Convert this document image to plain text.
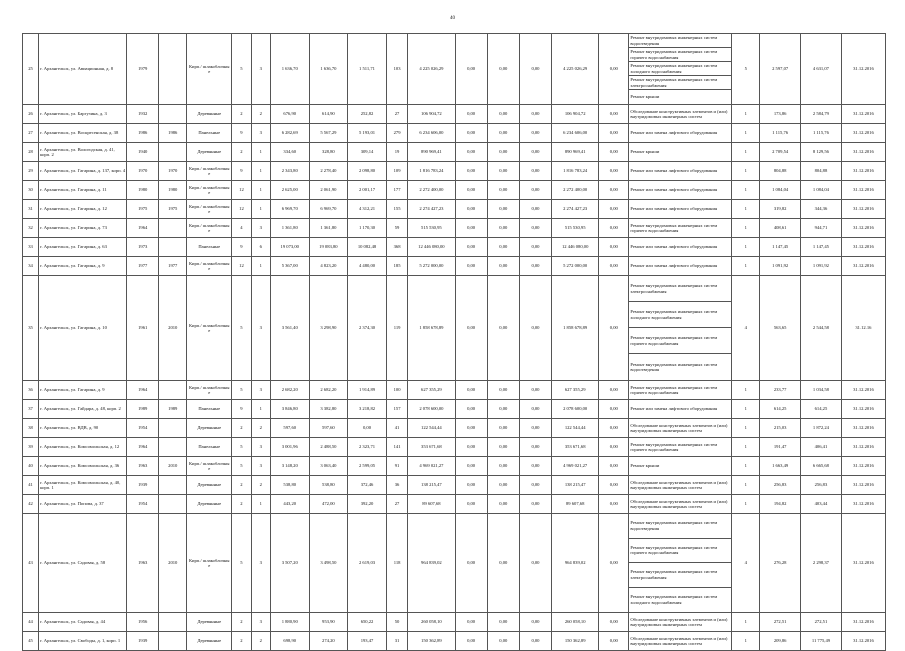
40
25	г. Архангельск, ул. Авиационная, д. 8	1979		Кирп./ шлакоблочны е	5	3	1 636,70	1 636,70	1 511,71	103	4 225 026,29	0,00	0,00	0,00	4 225 026,29	0,00	Ремонт внутридомовых инженерных систем водоотведения
Ремонт внутридомовых инженерных систем горячего водоснабжения
Ремонт внутридомовых инженерных систем холодного водоснабжения
Ремонт внутридомовых инженерных систем электроснабжения
Ремонт крыши	5	2 597,07	4 631,07	31.12.2016
26	г. Архангельск, ул. Баргузина, д. 3	1932		Деревянные	2	2	676,90	614,90	252,82	27	106 904,72	0,00	0,00	0,00	106 904,72	0,00	Обследование конструктивных элементов и (или) внутридомовых инженерных систем	1	173,86	2 584,79	31.12.2016
27	г. Архангельск, ул. Воскресенская, д. 38	1986	1986	Панельные	9	3	6 282,69	5 567,29	5 193,01	279	6 234 606,00	0,00	0,00	0,00	6 234 606,00	0,00	Ремонт или замена лифтового оборудования	1	1 115,76	1 115,76	31.12.2016
28	г. Архангельск, ул. Вологодская, д. 41, корп. 2	1940		Деревянные	2	1	334,60	328,80	309,14	19	890 969,41	0,00	0,00	0,00	890 969,41	0,00	Ремонт крыши	1	2 709,54	8 129,56	31.12.2016
29	г. Архангельск, ул. Гагарина, д. 137, корп. 4	1970	1970	Кирп./ шлакоблочны е	9	1	2 343,80	2 278,40	2 098,80	109	1 816 783,24	0,00	0,00	0,00	1 816 783,24	0,00	Ремонт или замена лифтового оборудования	1	804,88	804,88	31.12.2016
30	г. Архангельск, ул. Гагарина, д. 11	1980	1980	Кирп./ шлакоблочны е	12	1	2 625,00	2 061,90	2 001,17	177	2 272 400,00	0,00	0,00	0,00	2 272 400,00	0,00	Ремонт или замена лифтового оборудования	1	1 084,04	1 084,04	31.12.2016
31	г. Архангельск, ул. Гагарина, д. 12	1975	1975	Кирп./ шлакоблочны е	12	1	6 969,70	6 969,70	4 312,21	155	2 274 427,23	0,00	0,00	0,00	2 274 427,23	0,00	Ремонт или замена лифтового оборудования	1	319,82	344,36	31.12.2016
32	г. Архангельск, ул. Гагарина, д. 73	1964		Кирп./ шлакоблочны е	4	3	1 361,80	1 361,80	1 170,30	59	515 530,95	0,00	0,00	0,00	515 530,95	0,00	Ремонт внутридомовых инженерных систем горячего водоснабжения	1	408,61	944,71	31.12.2016
33	г. Архангельск, ул. Гагарина, д. 63	1973		Панельные	9	6	19 073,00	19 083,80	10 082,48	368	12 446 080,00	0,00	0,00	0,00	12 446 080,00	0,00	Ремонт или замена лифтового оборудования	1	1 147,45	1 147,45	31.12.2016
34	г. Архангельск, ул. Гагарина, д. 9	1977	1977	Кирп./ шлакоблочны е	12	1	5 367,00	4 823,20	4 480,00	185	5 272 000,00	0,00	0,00	0,00	5 272 000,00	0,00	Ремонт или замена лифтового оборудования	1	1 091,92	1 091,92	31.12.2016
35	г. Архангельск, ул. Гагарина, д. 10	1961	2010	Кирп./ шлакоблочны е	5	3	3 561,40	3 298,90	2 374,30	119	1 858 678,89	0,00	0,00	0,00	1 858 678,89	0,00	Ремонт внутридомовых инженерных систем электроснабжения
Ремонт внутридомовых инженерных систем холодного водоснабжения
Ремонт внутридомовых инженерных систем горячего водоснабжения
Ремонт внутридомовых инженерных систем водоотведения	4	563,65	2 544,58	31.12.16
36	г. Архангельск, ул. Гагарина, д. 9	1964		Кирп./ шлакоблочны е	5	3	2 682,20	2 682,20	1 914,89	100	627 355,29	0,00	0,00	0,00	627 355,29	0,00	Ремонт внутридомовых инженерных систем горячего водоснабжения	1	233,77	1 034,58	31.12.2016
37	г. Архангельск, ул. Гайдара, д. 48, корп. 2	1989	1989	Панельные	9	1	3 846,80	3 382,80	3 218,82	157	2 078 600,00	0,00	0,00	0,00	2 078 600,00	0,00	Ремонт или замена лифтового оборудования	1	614,25	614,25	31.12.2016
38	г. Архангельск, ул. ВДВ, д. 90	1954		Деревянные	2	2	597,60	597,60	0,00	41	122 544,44	0,00	0,00	0,00	122 544,44	0,00	Обследование конструктивных элементов и (или) внутридомовых инженерных систем	1	215,03	1 872,24	31.12.2016
39	г. Архангельск, ул. Комсомольская, д. 12	1964		Панельные	5	3	3 001,96	2 488,50	2 323,71	141	353 671,68	0,00	0,00	0,00	353 671,68	0,00	Ремонт внутридомовых инженерных систем горячего водоснабжения	1	191,47	406,41	31.12.2016
40	г. Архангельск, ул. Комсомольская, д. 36	1963	2010	Кирп./ шлакоблочны е	5	3	3 148,20	3 063,40	2 599,05	91	4 969 021,27	0,00	0,00	0,00	4 969 021,27	0,00	Ремонт крыши	1	1 663,49	6 665,68	31.12.2016
41	г. Архангельск, ул. Комсомольская, д. 40, корп. 1	1939		Деревянные	2	2	538,80	538,80	372,46	36	138 215,47	0,00	0,00	0,00	138 215,47	0,00	Обследование конструктивных элементов и (или) внутридомовых инженерных систем	1	256,83	256,83	31.12.2016
42	г. Архангельск, ул. Поповa, д. 37	1954		Деревянные	2	1	443,20	472,00	392,20	27	89 607,68	0,00	0,00	0,00	89 607,68	0,00	Обследование конструктивных элементов и (или) внутридомовых инженерных систем	1	194,82	403,44	31.12.2016
43	г. Архангельск, ул. Садовая, д. 58	1963	2010	Кирп./ шлакоблочны е	5	3	3 507,20	3 498,50	2 619,03	118	964 839,02	0,00	0,00	0,00	964 839,02	0,00	Ремонт внутридомовых инженерных систем водоотведения
Ремонт внутридомовых инженерных систем горячего водоснабжения
Ремонт внутридомовых инженерных систем электроснабжения
Ремонт внутридомовых инженерных систем холодного водоснабжения	4	276,28	2 298,37	31.12.2016
44	г. Архангельск, ул. Садовая, д. 44	1956		Деревянные	2	3	1 880,90	953,90	650,22	50	260 058,10	0,00	0,00	0,00	260 058,10	0,00	Обследование конструктивных элементов и (или) внутридомовых инженерных систем	1	272,51	272,51	31.12.2016
45	г. Архангельск, ул. Свободы, д. 1, корп. 1	1939		Деревянные	2	2	698,90	274,20	193,47	31	150 362,89	0,00	0,00	0,00	150 362,89	0,00	Обследование конструктивных элементов и (или) внутридомовых инженерных систем	1	209,86	11 775,49	31.12.2016
